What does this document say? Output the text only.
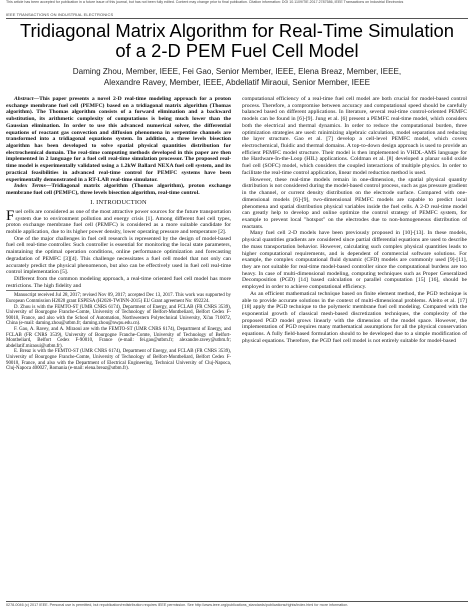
This article has been accepted for publication in a future issue of this journal, but has not been fully edited. Content may change prior to final publication. Citation information: DOI 10.1109/TIE.2017.2787586, IEEE Transactions on Industrial Electronics
IEEE TRANSACTIONS ON INDUSTRIAL ELECTRONICS
Tridiagonal Matrix Algorithm for Real-Time Simulation of a 2-D PEM Fuel Cell Model
Daming Zhou, Member, IEEE, Fei Gao, Senior Member, IEEE, Elena Breaz, Member, IEEE,
Alexandre Ravey, Member, IEEE, Abdellatif Miraoui, Senior Member, IEEE

Abstract—This paper presents a novel 2-D real-time modeling approach for a proton exchange membrane fuel cell (PEMFC) based on a tridiagonal matrix algorithm (Thomas algorithm). The Thomas algorithm consists of a forward elimination and a backward substitution, its arithmetic complexity of computations is being much lower than the Gaussian elimination. In order to use this advanced numerical solver, the differential equations of reactant gas convection and diffusion phenomena in serpentine channels are transformed into a tridiagonal equations system. In addition, a three levels bisection algorithm has been developed to solve spatial physical quantities distribution for electrochemical domain. The real-time computing methods developed in this paper are then implemented in 2 language for a fuel cell real-time simulation processor. The proposed real-time model is experimentally validated using a 1.2kW Ballard NEXA fuel cell system, and its practical feasibilities in advanced real-time control for PEMFC systems have been experimentally demonstrated in a RT-LAB real-time simulator.

Index Terms—Tridiagonal matrix algorithm (Thomas algorithm), proton exchange membrane fuel cell (PEMFC), three levels bisection algorithm, real-time control.

I. INTRODUCTION

Fuel cells are considered as one of the most attractive power sources for the future transportation system due to environment pollution and energy crisis [1]. Among different fuel cell types, proton exchange membrane fuel cell (PEMFC) is considered as a more suitable candidate for mobile application, due to its higher power density, lower operating pressure and temperature [2].

One of the major challenges in fuel cell research is represented by the design of model-based fuel cell real-time controller. Such controller is essential for monitoring the local state parameters, maintaining the optimal operation conditions, online performance optimization and forecasting degradation of PEMFC [3][4]. This challenge necessitates a fuel cell model that not only can accurately predict the physical phenomenon, but also can be effectively used in fuel cell real-time control implementation [5].

Different from the common modeling approach, a real-time oriented fuel cell model has more restrictions. The high fidelity and

Manuscript received Jul 28, 2017; revised Nov 09, 2017; accepted Dec 13, 2017. This work was supported by European Commission H2020 grant ESPESA (H2020-TWINN-2015) EU Grant agreement No: 692224.

D. Zhou is with the FEMTO-ST (UMR CNRS 6174), Department of Energy, and FCLAB (FR CNRS 3539), University of Bourgogne Franche-Comte, University of Technology of Belfort-Montbeliard, Belfort Cedex F-90010, France, and also with the School of Automation, Northwestern Polytechnical University, Xi'an 710072, China (e-mail: daming.zhou@utbm.fr; daming.zhou@nwpu.edu.cn).

F. Gao, A. Ravey, and A. Miraoui are with the FEMTO-ST (UMR CNRS 6174), Department of Energy, and FCLAB (FR CNRS 3539), University of Bourgogne Franche-Comte, University of Technology of Belfort-Montbeliard, Belfort Cedex F-90010, France (e-mail: fei.gao@utbm.fr; alexandre.ravey@utbm.fr; abdellatif.miraoui@utbm.fr).

E. Breaz is with the FEMTO-ST (UMR CNRS 6174), Department of Energy, and FCLAB (FR CNRS 3539), University of Bourgogne Franche-Comte, University of Technology of Belfort-Montbeliard, Belfort Cedex F-90010, France, and also with the Department of Electrical Engineering, Technical University of Cluj-Napoca, Cluj-Napoca 400027, Romania (e-mail: elena.breaz@utbm.fr).

computational efficiency of a real-time fuel cell model are both crucial for model-based control process. Therefore, a compromise between accuracy and computational speed should be carefully balanced based on different applications. In literature, several real-time control-oriented PEMFC models can be found in [6]-[9]. Jung et al. [6] present a PEMFC real-time model, which considers both the electrical and thermal dynamics. In order to reduce the computational burden, three optimization strategies are used: minimizing algebraic calculation, model separation and reducing the layer structure. Gao et al. [7] develop a cell-level PEMFC model, which covers electrochemical, fluidic and thermal domains. A top-to-down design approach is used to provide an efficient PEMFC model structure. Their model is then implemented in VHDL-AMS language for the Hardware-In-the-Loop (HIL) applications. Coldman et al. [8] developed a planar solid oxide fuel cell (SOFC) model, which considers the coupled interactions of multiple physics. In order to facilitate the real-time control application, linear model reduction method is used.

However, these real-time models remain in one-dimension, the spatial physical quantity distribution is not considered during the model-based control process, such as gas pressure gradient in the channel, or current density distribution on the electrode surface. Compared with one-dimensional models [6]-[9], two-dimensional PEMFC models are capable to predict local phenomena and spatial distribution physical variables inside the fuel cells. A 2-D real-time model can greatly help to develop and online optimize the control strategy of PEMFC system, for example to prevent local "hotspot" on the electrodes due to non-homogeneous distribution of reactants.

Many fuel cell 2-D models have been previously proposed in [10]-[13]. In these models, physical quantities gradients are considered since partial differential equations are used to describe the mass transportation behavior. However, calculating such complex physical quantities leads to higher computational requirements, and is dependent of commercial software solutions. For example, the complex computational fluid dynamic (CFD) models are commonly used [9]-[11], they are not suitable for real-time model-based controller since the computational burdens are too heavy. In case of multi-dimensional modeling, computing techniques such as Proper Generalized Decomposition (PGD) [14] based calculation or parallel computation [15] [16], should be employed in order to achieve computational efficiency.

As an efficient mathematical technique based on finite element method, the PGD technique is able to provide accurate solutions in the context of multi-dimensional problems. Aleito et al. [17] [18] apply the PGD technique to the polymeric membrane fuel cell modeling. Compared with the exponential growth of classical mesh-based discretization techniques, the complexity of the proposed PGD model grows linearly with the dimension of the model space. However, the implementation of PGD requires many mathematical assumptions for all the physical conservation equations. A fully field-based formulation should to be developed due to a simple modification of physical equations. Therefore, the PGD fuel cell model is not entirely suitable for model-based

0278-0046 (c) 2017 IEEE. Personal use is permitted, but republication/redistribution requires IEEE permission. See http://www.ieee.org/publications_standards/publications/rights/index.html for more information.
